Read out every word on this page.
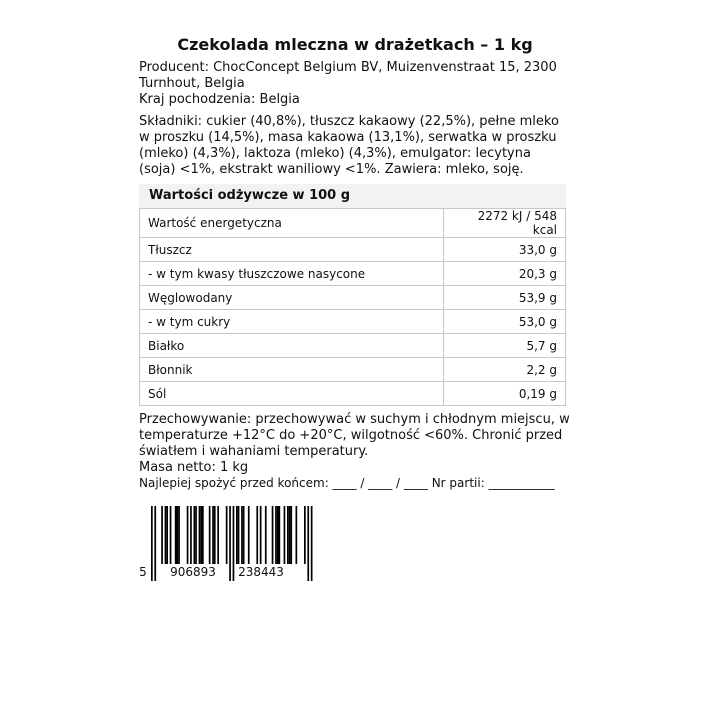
Czekolada mleczna w drażetkach – 1 kg

Producent: ChocConcept Belgium BV, Muizenvenstraat 15, 2300 Turnhout, Belgia

Kraj pochodzenia: Belgia

Składniki: cukier (40,8%), tłuszcz kakaowy (22,5%), pełne mleko w proszku (14,5%), masa kakaowa (13,1%), serwatka w proszku (mleko) (4,3%), laktoza (mleko) (4,3%), emulgator: lecytyna (soja) <1%, ekstrakt waniliowy <1%. Zawiera: mleko, soję.

Wartości odżywcze w 100 g
Wartość energetyczna	2272 kJ / 548 kcal
Tłuszcz	33,0 g
- w tym kwasy tłuszczowe nasycone	20,3 g
Węglowodany	53,9 g
- w tym cukry	53,0 g
Białko	5,7 g
Błonnik	2,2 g
Sól	0,19 g

Przechowywanie: przechowywać w suchym i chłodnym miejscu, w temperaturze +12°C do +20°C, wilgotność <60%. Chronić przed światłem i wahaniami temperatury.

Masa netto: 1 kg

Najlepiej spożyć przed końcem: ____ / ____ / ____ Nr partii: ___________

5 906893 238443
